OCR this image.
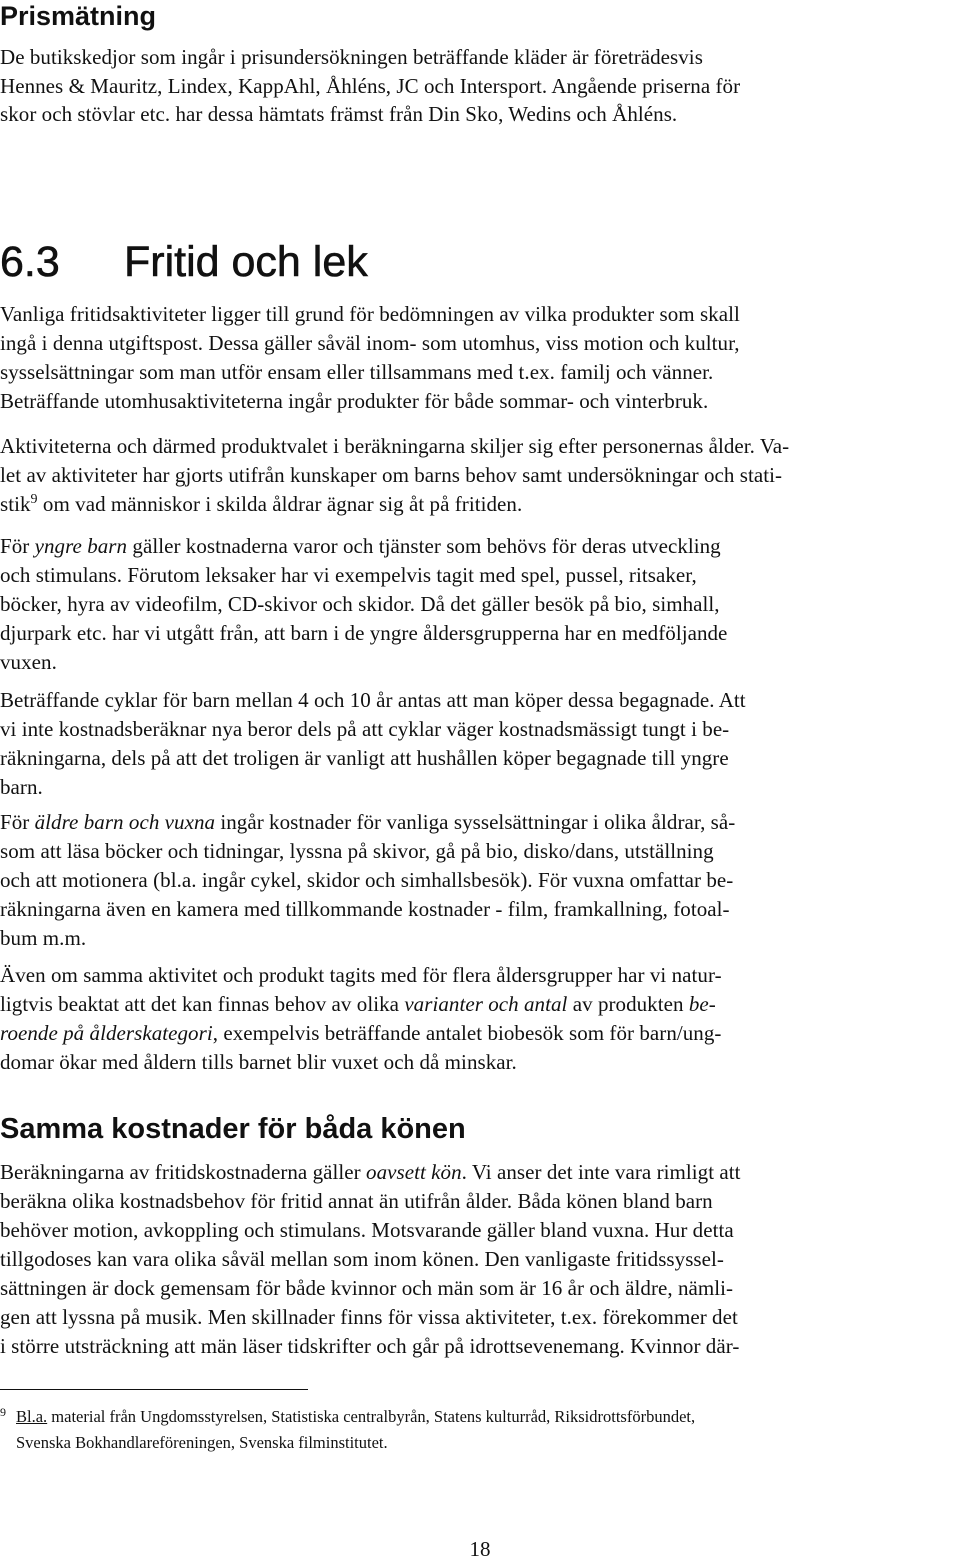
Prismätning

De butikskedjor som ingår i prisundersökningen beträffande kläder är företrädesvis
Hennes & Mauritz, Lindex, KappAhl, Åhléns, JC och Intersport. Angående priserna för
skor och stövlar etc. har dessa hämtats främst från Din Sko, Wedins och Åhléns.

6.3 Fritid och lek

Vanliga fritidsaktiviteter ligger till grund för bedömningen av vilka produkter som skall
ingå i denna utgiftspost. Dessa gäller såväl inom- som utomhus, viss motion och kultur,
sysselsättningar som man utför ensam eller tillsammans med t.ex. familj och vänner.
Beträffande utomhusaktiviteterna ingår produkter för både sommar- och vinterbruk.

Aktiviteterna och därmed produktvalet i beräkningarna skiljer sig efter personernas ålder. Va-
let av aktiviteter har gjorts utifrån kunskaper om barns behov samt undersökningar och stati-
stik$^9$ om vad människor i skilda åldrar ägnar sig åt på fritiden.

För yngre barn gäller kostnaderna varor och tjänster som behövs för deras utveckling
och stimulans. Förutom leksaker har vi exempelvis tagit med spel, pussel, ritsaker,
böcker, hyra av videofilm, CD-skivor och skidor. Då det gäller besök på bio, simhall,
djurpark etc. har vi utgått från, att barn i de yngre åldersgrupperna har en medföljande
vuxen.

Beträffande cyklar för barn mellan 4 och 10 år antas att man köper dessa begagnade. Att
vi inte kostnadsberäknar nya beror dels på att cyklar väger kostnadsmässigt tungt i be-
räkningarna, dels på att det troligen är vanligt att hushållen köper begagnade till yngre
barn.

För äldre barn och vuxna ingår kostnader för vanliga sysselsättningar i olika åldrar, så-
som att läsa böcker och tidningar, lyssna på skivor, gå på bio, disko/dans, utställning
och att motionera (bl.a. ingår cykel, skidor och simhallsbesök). För vuxna omfattar be-
räkningarna även en kamera med tillkommande kostnader - film, framkallning, fotoal-
bum m.m.

Även om samma aktivitet och produkt tagits med för flera åldersgrupper har vi natur-
ligtvis beaktat att det kan finnas behov av olika varianter och antal av produkten be-
roende på ålderskategori, exempelvis beträffande antalet biobesök som för barn/ung-
domar ökar med åldern tills barnet blir vuxet och då minskar.

Samma kostnader för båda könen

Beräkningarna av fritidskostnaderna gäller oavsett kön. Vi anser det inte vara rimligt att
beräkna olika kostnadsbehov för fritid annat än utifrån ålder. Båda könen bland barn
behöver motion, avkoppling och stimulans. Motsvarande gäller bland vuxna. Hur detta
tillgodoses kan vara olika såväl mellan som inom könen. Den vanligaste fritidssyssel-
sättningen är dock gemensam för både kvinnor och män som är 16 år och äldre, nämli-
gen att lyssna på musik. Men skillnader finns för vissa aktiviteter, t.ex. förekommer det
i större utsträckning att män läser tidskrifter och går på idrottsevenemang. Kvinnor där-

9 Bl.a. material från Ungdomsstyrelsen, Statistiska centralbyrån, Statens kulturråd, Riksidrottsförbundet,
Svenska Bokhandlareföreningen, Svenska filminstitutet.
18
